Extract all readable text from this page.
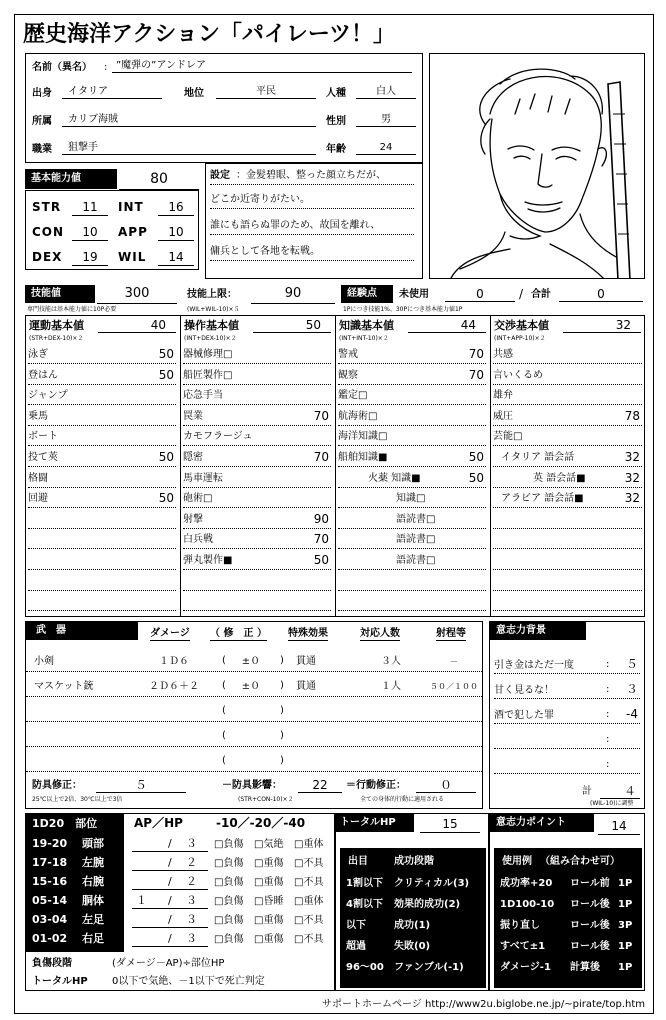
歴史海洋アクション「パイレーツ！」
名前（異名） : ”魔弾の”アンドレア
出身	イタリア	地位	平民	人種	白人
所属	カリブ海賊	性別	男
職業	狙撃手	年齢	24
基本能力値	80
STR	11	INT	16
CON	10	APP	10
DEX	19	WIL	14
設定 ：金髪碧眼、整った顔立ちだが、
どこか近寄りがたい。
誰にも語らぬ罪のため、故国を離れ、
傭兵として各地を転戦。
技能値	300
専門技能は基本能力値に10P必要
技能上限：	90
(WIL+WIL-10)×５
経験点	未使用	0	/ 合計	0
1Pにつき技能1%、30Pにつき基本能力値1P
運動基本値	40
(STR+DEX-10)×２
泳ぎ	50
登はん	50
ジャンプ
乗馬
ボート
投て莢	50
格闘
回避	50
操作基本値	50
(INT+DEX-10)×２
器械修理□
船匠製作□
応急手当
罠業	70
カモフラージュ
隠密	70
馬車運転
砲術□
射撃	90
白兵戦	70
弾丸製作■	50
知識基本値	44
(INT+INT-10)×２
警戒	70
観察	70
鑑定□
航海術□
海洋知識□
船舶知識■	50
火薬 知識■	50
知識□
語読書□
語読書□
語読書□
交渉基本値	32
(INT+APP-10)×２
共感
言いくるめ
雄弁
威圧	78
芸能□
イタリア 語会話	32
英 語会話■	32
アラビア 語会話■	32
武　器	ダメージ （ 修　正 ） 特殊効果	対応人数	射程等
小剣	１Ｄ６	(	±０	) 貫通	３人	－
マスケット銃	２Ｄ６＋２	(	±０	) 貫通	１人	５０／１００
(	)
(	)
(	)
防具修正：	５
25℃以上で2倍、30℃以上で3倍
－防具影響：	22
(STR+CON-10)×２
＝行動修正：	０
全ての身体的行動に適用される
意志力背景
引き金はただ一度	: ５
甘く見るな！	: ３
酒で犯した罪	: -4
:
:
計	４
(WIL-10)に調整
1D20　部位	AP／HP	-10／-20／-40
19-20 頭部	/ ３ □負傷 □気絶 □重体
17-18 左腕	/ ２ □負傷 □重傷 □不具
15-16 右腕	/ ２ □負傷 □重傷 □不具
05-14 胴体	１ / ３ □負傷 □昏睡 □重体
03-04 左足	/ ３ □負傷 □重傷 □不具
01-02 右足	/ ３ □負傷 □重傷 □不具
負傷段階	(ダメージ－AP)÷部位HP
トータルHP 0以下で気絶、－1以下で死亡判定
トータルHP	15
出目	成功段階
1割以下 クリティカル(3)
4割以下 効果的成功(2)
以下	成功(1)
超過	失敗(0)
96～00 ファンブル(-1)
意志力ポイント	14
使用例 （組み合わせ可）
成功率+20 ロール前 1P
1D100-10 ロール後 1P
振り直し	ロール後 3P
すべて±1 ロール後 1P
ダメージ-1 計算後 1P
サポートホームページ http://www2u.biglobe.ne.jp/~pirate/top.htm
